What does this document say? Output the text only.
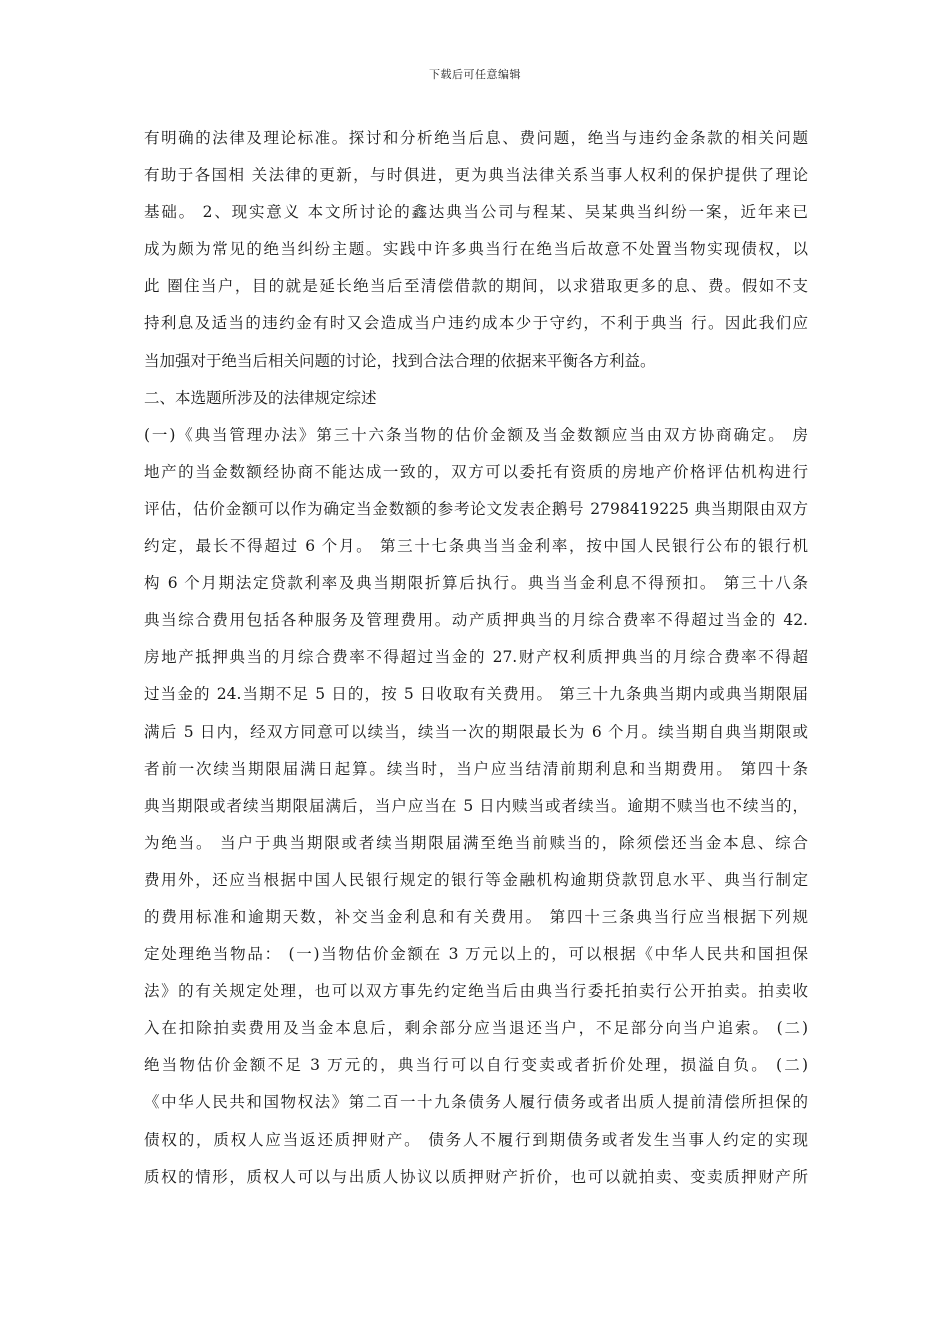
下载后可任意编辑
有明确的法律及理论标准。探讨和分析绝当后息、费问题，绝当与违约金条款的相关问题
有助于各国相 关法律的更新，与时俱进，更为典当法律关系当事人权利的保护提供了理论
基础。 2、现实意义 本文所讨论的鑫达典当公司与程某、吴某典当纠纷一案，近年来已
成为颇为常见的绝当纠纷主题。实践中许多典当行在绝当后故意不处置当物实现债权，以
此 圈住当户，目的就是延长绝当后至清偿借款的期间，以求猎取更多的息、费。假如不支
持利息及适当的违约金有时又会造成当户违约成本少于守约，不利于典当 行。因此我们应
当加强对于绝当后相关问题的讨论，找到合法合理的依据来平衡各方利益。
二、本选题所涉及的法律规定综述
(一)《典当管理办法》第三十六条当物的估价金额及当金数额应当由双方协商确定。 房
地产的当金数额经协商不能达成一致的，双方可以委托有资质的房地产价格评估机构进行
评估，估价金额可以作为确定当金数额的参考论文发表企鹅号 2798419225 典当期限由双方
约定，最长不得超过 6 个月。 第三十七条典当当金利率，按中国人民银行公布的银行机
构 6 个月期法定贷款利率及典当期限折算后执行。典当当金利息不得预扣。 第三十八条
典当综合费用包括各种服务及管理费用。动产质押典当的月综合费率不得超过当金的 42.
房地产抵押典当的月综合费率不得超过当金的 27.财产权利质押典当的月综合费率不得超
过当金的 24.当期不足 5 日的，按 5 日收取有关费用。 第三十九条典当期内或典当期限届
满后 5 日内，经双方同意可以续当，续当一次的期限最长为 6 个月。续当期自典当期限或
者前一次续当期限届满日起算。续当时，当户应当结清前期利息和当期费用。 第四十条
典当期限或者续当期限届满后，当户应当在 5 日内赎当或者续当。逾期不赎当也不续当的，
为绝当。 当户于典当期限或者续当期限届满至绝当前赎当的，除须偿还当金本息、综合
费用外，还应当根据中国人民银行规定的银行等金融机构逾期贷款罚息水平、典当行制定
的费用标准和逾期天数，补交当金利息和有关费用。 第四十三条典当行应当根据下列规
定处理绝当物品： (一)当物估价金额在 3 万元以上的，可以根据《中华人民共和国担保
法》的有关规定处理，也可以双方事先约定绝当后由典当行委托拍卖行公开拍卖。拍卖收
入在扣除拍卖费用及当金本息后，剩余部分应当退还当户，不足部分向当户追索。 (二)
绝当物估价金额不足 3 万元的，典当行可以自行变卖或者折价处理，损溢自负。 (二)
《中华人民共和国物权法》第二百一十九条债务人履行债务或者出质人提前清偿所担保的
债权的，质权人应当返还质押财产。 债务人不履行到期债务或者发生当事人约定的实现
质权的情形，质权人可以与出质人协议以质押财产折价，也可以就拍卖、变卖质押财产所
